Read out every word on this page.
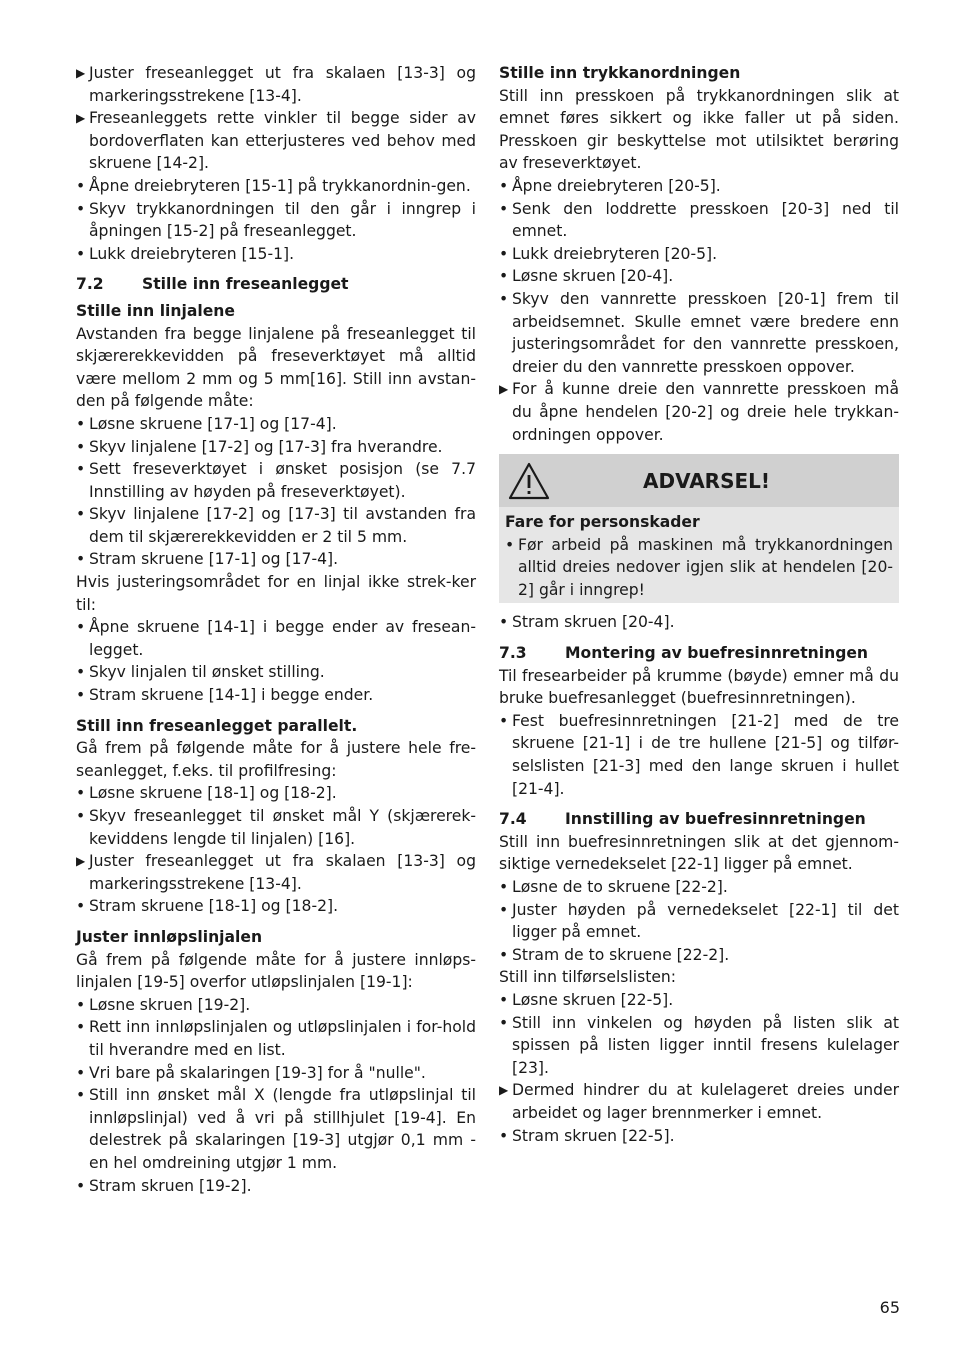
▶ Juster freseanlegget ut fra skalaen [13-3] og markeringsstrekene [13-4].
▶ Freseanleggets rette vinkler til begge sider av bordoverflaten kan etterjusteres ved behov med skruene [14-2].
• Åpne dreiebryteren [15-1] på trykkanordnin-gen.
• Skyv trykkanordningen til den går i inngrep i åpningen [15-2] på freseanlegget.
• Lukk dreiebryteren [15-1].
7.2	Stille inn freseanlegget
Stille inn linjalene

Avstanden fra begge linjalene på freseanlegget til skjærerekkevidden på freseverktøyet må alltid være mellom 2 mm og 5 mm[16]. Still inn avstan-den på følgende måte:

• Løsne skruene [17-1] og [17-4].
• Skyv linjalene [17-2] og [17-3] fra hverandre.
• Sett freseverktøyet i ønsket posisjon (se 7.7 Innstilling av høyden på freseverktøyet).
• Skyv linjalene [17-2] og [17-3] til avstanden fra dem til skjærerekkevidden er 2 til 5 mm.
• Stram skruene [17-1] og [17-4].

Hvis justeringsområdet for en linjal ikke strek-ker til:

• Åpne skruene [14-1] i begge ender av fresean-legget.
• Skyv linjalen til ønsket stilling.
• Stram skruene [14-1] i begge ender.
Still inn freseanlegget parallelt.

Gå frem på følgende måte for å justere hele fre-seanlegget, f.eks. til profilfresing:

• Løsne skruene [18-1] og [18-2].
• Skyv freseanlegget til ønsket mål Y (skjærerek-keviddens lengde til linjalen) [16].
▶ Juster freseanlegget ut fra skalaen [13-3] og markeringsstrekene [13-4].
• Stram skruene [18-1] og [18-2].
Juster innløpslinjalen

Gå frem på følgende måte for å justere innløps-linjalen [19-5] overfor utløpslinjalen [19-1]:

• Løsne skruen [19-2].
• Rett inn innløpslinjalen og utløpslinjalen i for-hold til hverandre med en list.
• Vri bare på skalaringen [19-3] for å "nulle".
• Still inn ønsket mål X (lengde fra utløpslinjal til innløpslinjal) ved å vri på stillhjulet [19-4]. En delestrek på skalaringen [19-3] utgjør 0,1 mm - en hel omdreining utgjør 1 mm.
• Stram skruen [19-2].
Stille inn trykkanordningen

Still inn presskoen på trykkanordningen slik at emnet føres sikkert og ikke faller ut på siden. Presskoen gir beskyttelse mot utilsiktet berøring av freseverktøyet.

• Åpne dreiebryteren [20-5].
• Senk den loddrette presskoen [20-3] ned til emnet.
• Lukk dreiebryteren [20-5].
• Løsne skruen [20-4].
• Skyv den vannrette presskoen [20-1] frem til arbeidsemnet. Skulle emnet være bredere enn justeringsområdet for den vannrette presskoen, dreier du den vannrette presskoen oppover.
▶ For å kunne dreie den vannrette presskoen må du åpne hendelen [20-2] og dreie hele trykkan-ordningen oppover.
ADVARSEL!
Fare for personskader
• Før arbeid på maskinen må trykkanordningen alltid dreies nedover igjen slik at hendelen [20-2] går i inngrep!
• Stram skruen [20-4].
7.3	Montering av buefresinnretningen

Til fresearbeider på krumme (bøyde) emner må du bruke buefresanlegget (buefresinnretningen).

• Fest buefresinnretningen [21-2] med de tre skruene [21-1] i de tre hullene [21-5] og tilfør-selslisten [21-3] med den lange skruen i hullet [21-4].
7.4	Innstilling av buefresinnretningen

Still inn buefresinnretningen slik at det gjennom-siktige vernedekselet [22-1] ligger på emnet.

• Løsne de to skruene [22-2].
• Juster høyden på vernedekselet [22-1] til det ligger på emnet.
• Stram de to skruene [22-2].

Still inn tilførselslisten:

• Løsne skruen [22-5].
• Still inn vinkelen og høyden på listen slik at spissen på listen ligger inntil fresens kulelager [23].
▶ Dermed hindrer du at kulelageret dreies under arbeidet og lager brennmerker i emnet.
• Stram skruen [22-5].
65
